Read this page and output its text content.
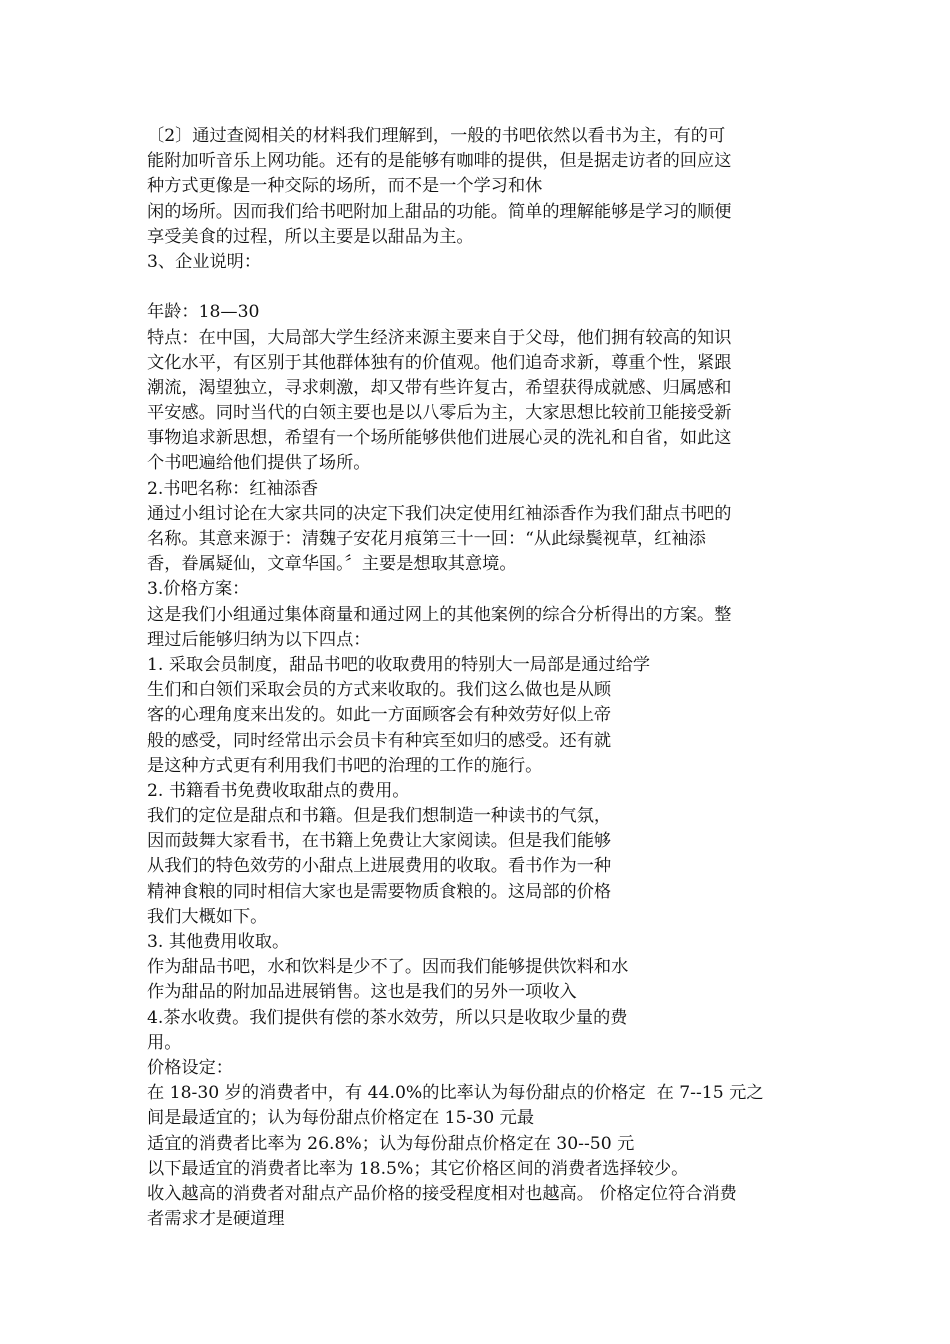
〔2〕通过查阅相关的材料我们理解到，一般的书吧依然以看书为主，有的可
能附加听音乐上网功能。还有的是能够有咖啡的提供，但是据走访者的回应这
种方式更像是一种交际的场所，而不是一个学习和休
闲的场所。因而我们给书吧附加上甜品的功能。简单的理解能够是学习的顺便
享受美食的过程，所以主要是以甜品为主。
3、企业说明：
年龄：18—30
特点：在中国，大局部大学生经济来源主要来自于父母，他们拥有较高的知识
文化水平，有区别于其他群体独有的价值观。他们追奇求新，尊重个性，紧跟
潮流，渴望独立，寻求刺激，却又带有些许复古，希望获得成就感、归属感和
平安感。同时当代的白领主要也是以八零后为主，大家思想比较前卫能接受新
事物追求新思想，希望有一个场所能够供他们进展心灵的洗礼和自省，如此这
个书吧遍给他们提供了场所。
2.书吧名称：红袖添香
通过小组讨论在大家共同的决定下我们决定使用红袖添香作为我们甜点书吧的
名称。其意来源于：清魏子安花月痕第三十一回：“从此绿鬓视草，红袖添
香，眷属疑仙，文章华国。〞主要是想取其意境。
3.价格方案：
这是我们小组通过集体商量和通过网上的其他案例的综合分析得出的方案。整
理过后能够归纳为以下四点：
1. 采取会员制度，甜品书吧的收取费用的特别大一局部是通过给学
生们和白领们采取会员的方式来收取的。我们这么做也是从顾
客的心理角度来出发的。如此一方面顾客会有种效劳好似上帝
般的感受，同时经常出示会员卡有种宾至如归的感受。还有就
是这种方式更有利用我们书吧的治理的工作的施行。
2. 书籍看书免费收取甜点的费用。
我们的定位是甜点和书籍。但是我们想制造一种读书的气氛，
因而鼓舞大家看书，在书籍上免费让大家阅读。但是我们能够
从我们的特色效劳的小甜点上进展费用的收取。看书作为一种
精神食粮的同时相信大家也是需要物质食粮的。这局部的价格
我们大概如下。
3. 其他费用收取。
作为甜品书吧，水和饮料是少不了。因而我们能够提供饮料和水
作为甜品的附加品进展销售。这也是我们的另外一项收入
4.茶水收费。我们提供有偿的茶水效劳，所以只是收取少量的费
用。
价格设定：
在 18-30 岁的消费者中，有 44.0%的比率认为每份甜点的价格定  在 7--15 元之
间是最适宜的；认为每份甜点价格定在 15-30 元最
适宜的消费者比率为 26.8%；认为每份甜点价格定在 30--50 元
以下最适宜的消费者比率为 18.5%；其它价格区间的消费者选择较少。
收入越高的消费者对甜点产品价格的接受程度相对也越高。 价格定位符合消费
者需求才是硬道理
